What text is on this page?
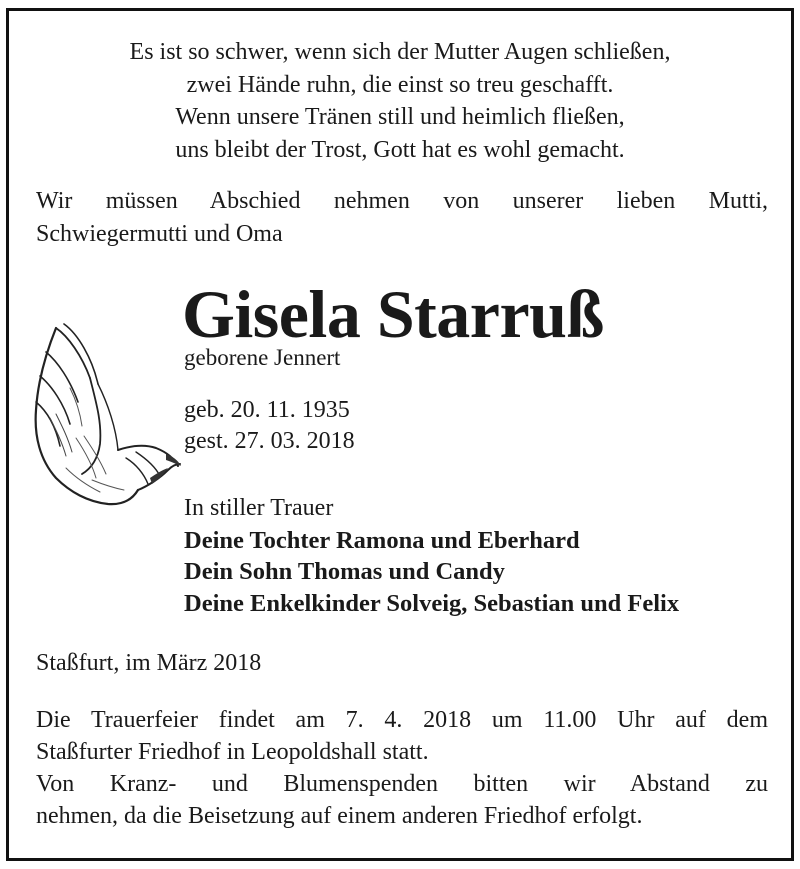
Es ist so schwer, wenn sich der Mutter Augen schließen,
zwei Hände ruhn, die einst so treu geschafft.
Wenn unsere Tränen still und heimlich fließen,
uns bleibt der Trost, Gott hat es wohl gemacht.
Wir müssen Abschied nehmen von unserer lieben Mutti,
Schwiegermutti und Oma
Gisela Starruß
geborene Jennert
geb. 20. 11. 1935
gest. 27. 03. 2018
In stiller Trauer
Deine Tochter Ramona und Eberhard
Dein Sohn Thomas und Candy
Deine Enkelkinder Solveig, Sebastian und Felix
Staßfurt, im März 2018
Die Trauerfeier findet am 7. 4. 2018 um 11.00 Uhr auf dem
Staßfurter Friedhof in Leopoldshall statt.
Von Kranz- und Blumenspenden bitten wir Abstand zu
nehmen, da die Beisetzung auf einem anderen Friedhof erfolgt.
